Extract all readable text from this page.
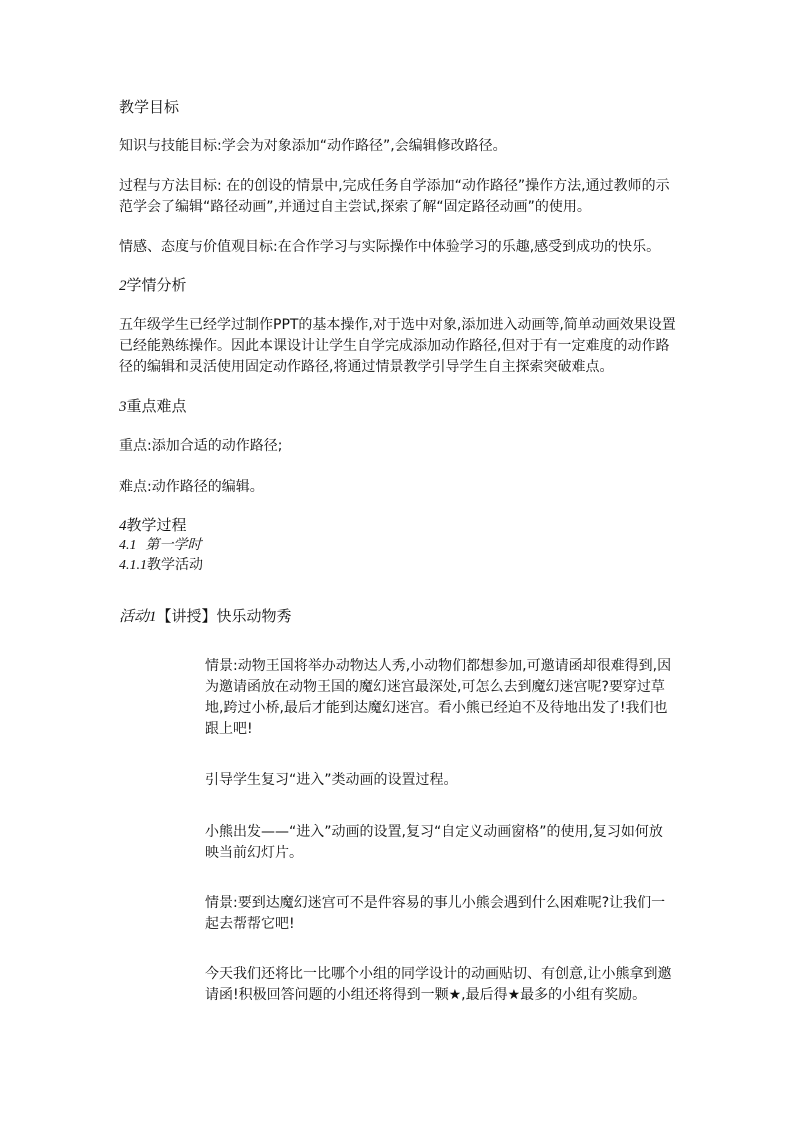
教学目标

知识与技能目标:学会为对象添加“动作路径”,会编辑修改路径。

过程与方法目标: 在的创设的情景中,完成任务自学添加“动作路径”操作方法,通过教师的示范学会了编辑“路径动画”,并通过自主尝试,探索了解“固定路径动画”的使用。

情感、态度与价值观目标:在合作学习与实际操作中体验学习的乐趣,感受到成功的快乐。

2学情分析

五年级学生已经学过制作PPT的基本操作,对于选中对象,添加进入动画等,简单动画效果设置已经能熟练操作。因此本课设计让学生自学完成添加动作路径,但对于有一定难度的动作路径的编辑和灵活使用固定动作路径,将通过情景教学引导学生自主探索突破难点。

3重点难点

重点:添加合适的动作路径;

难点:动作路径的编辑。

4教学过程

4.1 第一学时

4.1.1教学活动

活动1【讲授】快乐动物秀

情景:动物王国将举办动物达人秀,小动物们都想参加,可邀请函却很难得到,因为邀请函放在动物王国的魔幻迷宫最深处,可怎么去到魔幻迷宫呢?要穿过草地,跨过小桥,最后才能到达魔幻迷宫。看小熊已经迫不及待地出发了!我们也跟上吧!

引导学生复习“进入”类动画的设置过程。

小熊出发——“进入”动画的设置,复习“自定义动画窗格”的使用,复习如何放映当前幻灯片。

情景:要到达魔幻迷宫可不是件容易的事儿小熊会遇到什么困难呢?让我们一起去帮帮它吧!

今天我们还将比一比哪个小组的同学设计的动画贴切、有创意,让小熊拿到邀请函!积极回答问题的小组还将得到一颗★,最后得★最多的小组有奖励。
